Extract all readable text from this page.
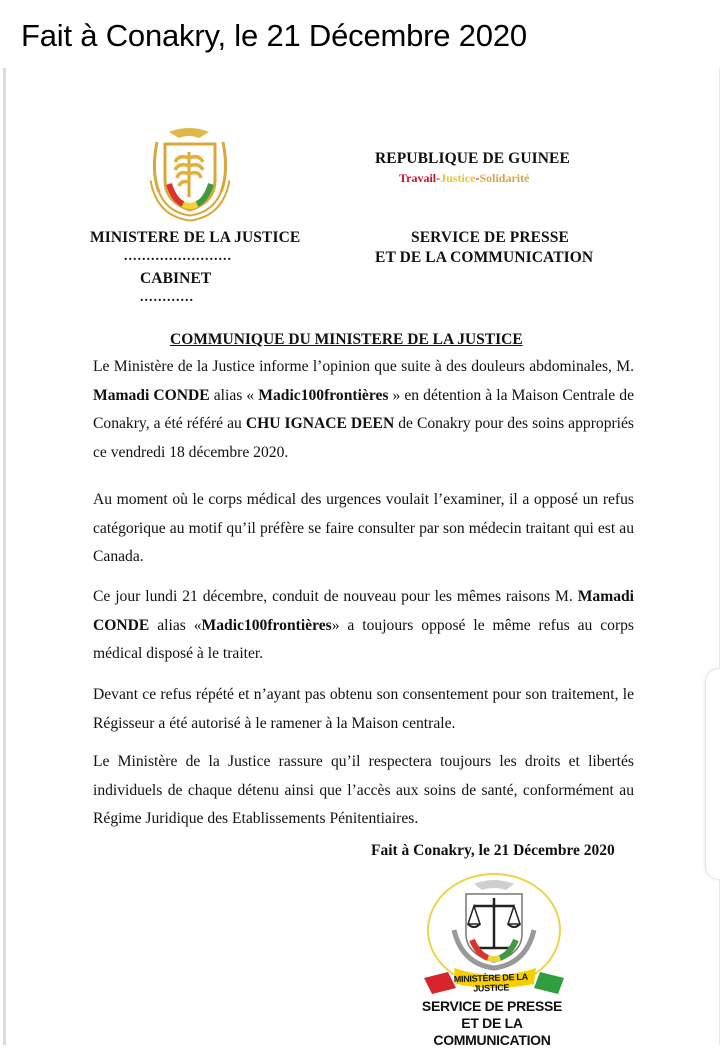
Fait à Conakry, le 21 Décembre 2020
MINISTERE DE LA JUSTICE
........................
CABINET
............
REPUBLIQUE DE GUINEE
Travail-Justice-Solidarité
SERVICE DE PRESSE
ET DE LA COMMUNICATION
COMMUNIQUE DU MINISTERE DE LA JUSTICE

Le Ministère de la Justice informe l’opinion que suite à des douleurs abdominales, M. Mamadi CONDE alias « Madic100frontières » en détention à la Maison Centrale de Conakry, a été référé au CHU IGNACE DEEN de Conakry pour des soins appropriés ce vendredi 18 décembre 2020.

Au moment où le corps médical des urgences voulait l’examiner, il a opposé un refus catégorique au motif qu’il préfère se faire consulter par son médecin traitant qui est au Canada.

Ce jour lundi 21 décembre, conduit de nouveau pour les mêmes raisons M. Mamadi CONDE alias «Madic100frontières» a toujours opposé le même refus au corps médical disposé à le traiter.

Devant ce refus répété et n’ayant pas obtenu son consentement pour son traitement, le Régisseur a été autorisé à le ramener à la Maison centrale.

Le Ministère de la Justice rassure qu’il respectera toujours les droits et libertés individuels de chaque détenu ainsi que l’accès aux soins de santé, conformément au Régime Juridique des Etablissements Pénitentiaires.

Fait à Conakry, le 21 Décembre 2020
MINISTÈRE DE LA JUSTICE
SERVICE DE PRESSE
ET DE LA COMMUNICATION
